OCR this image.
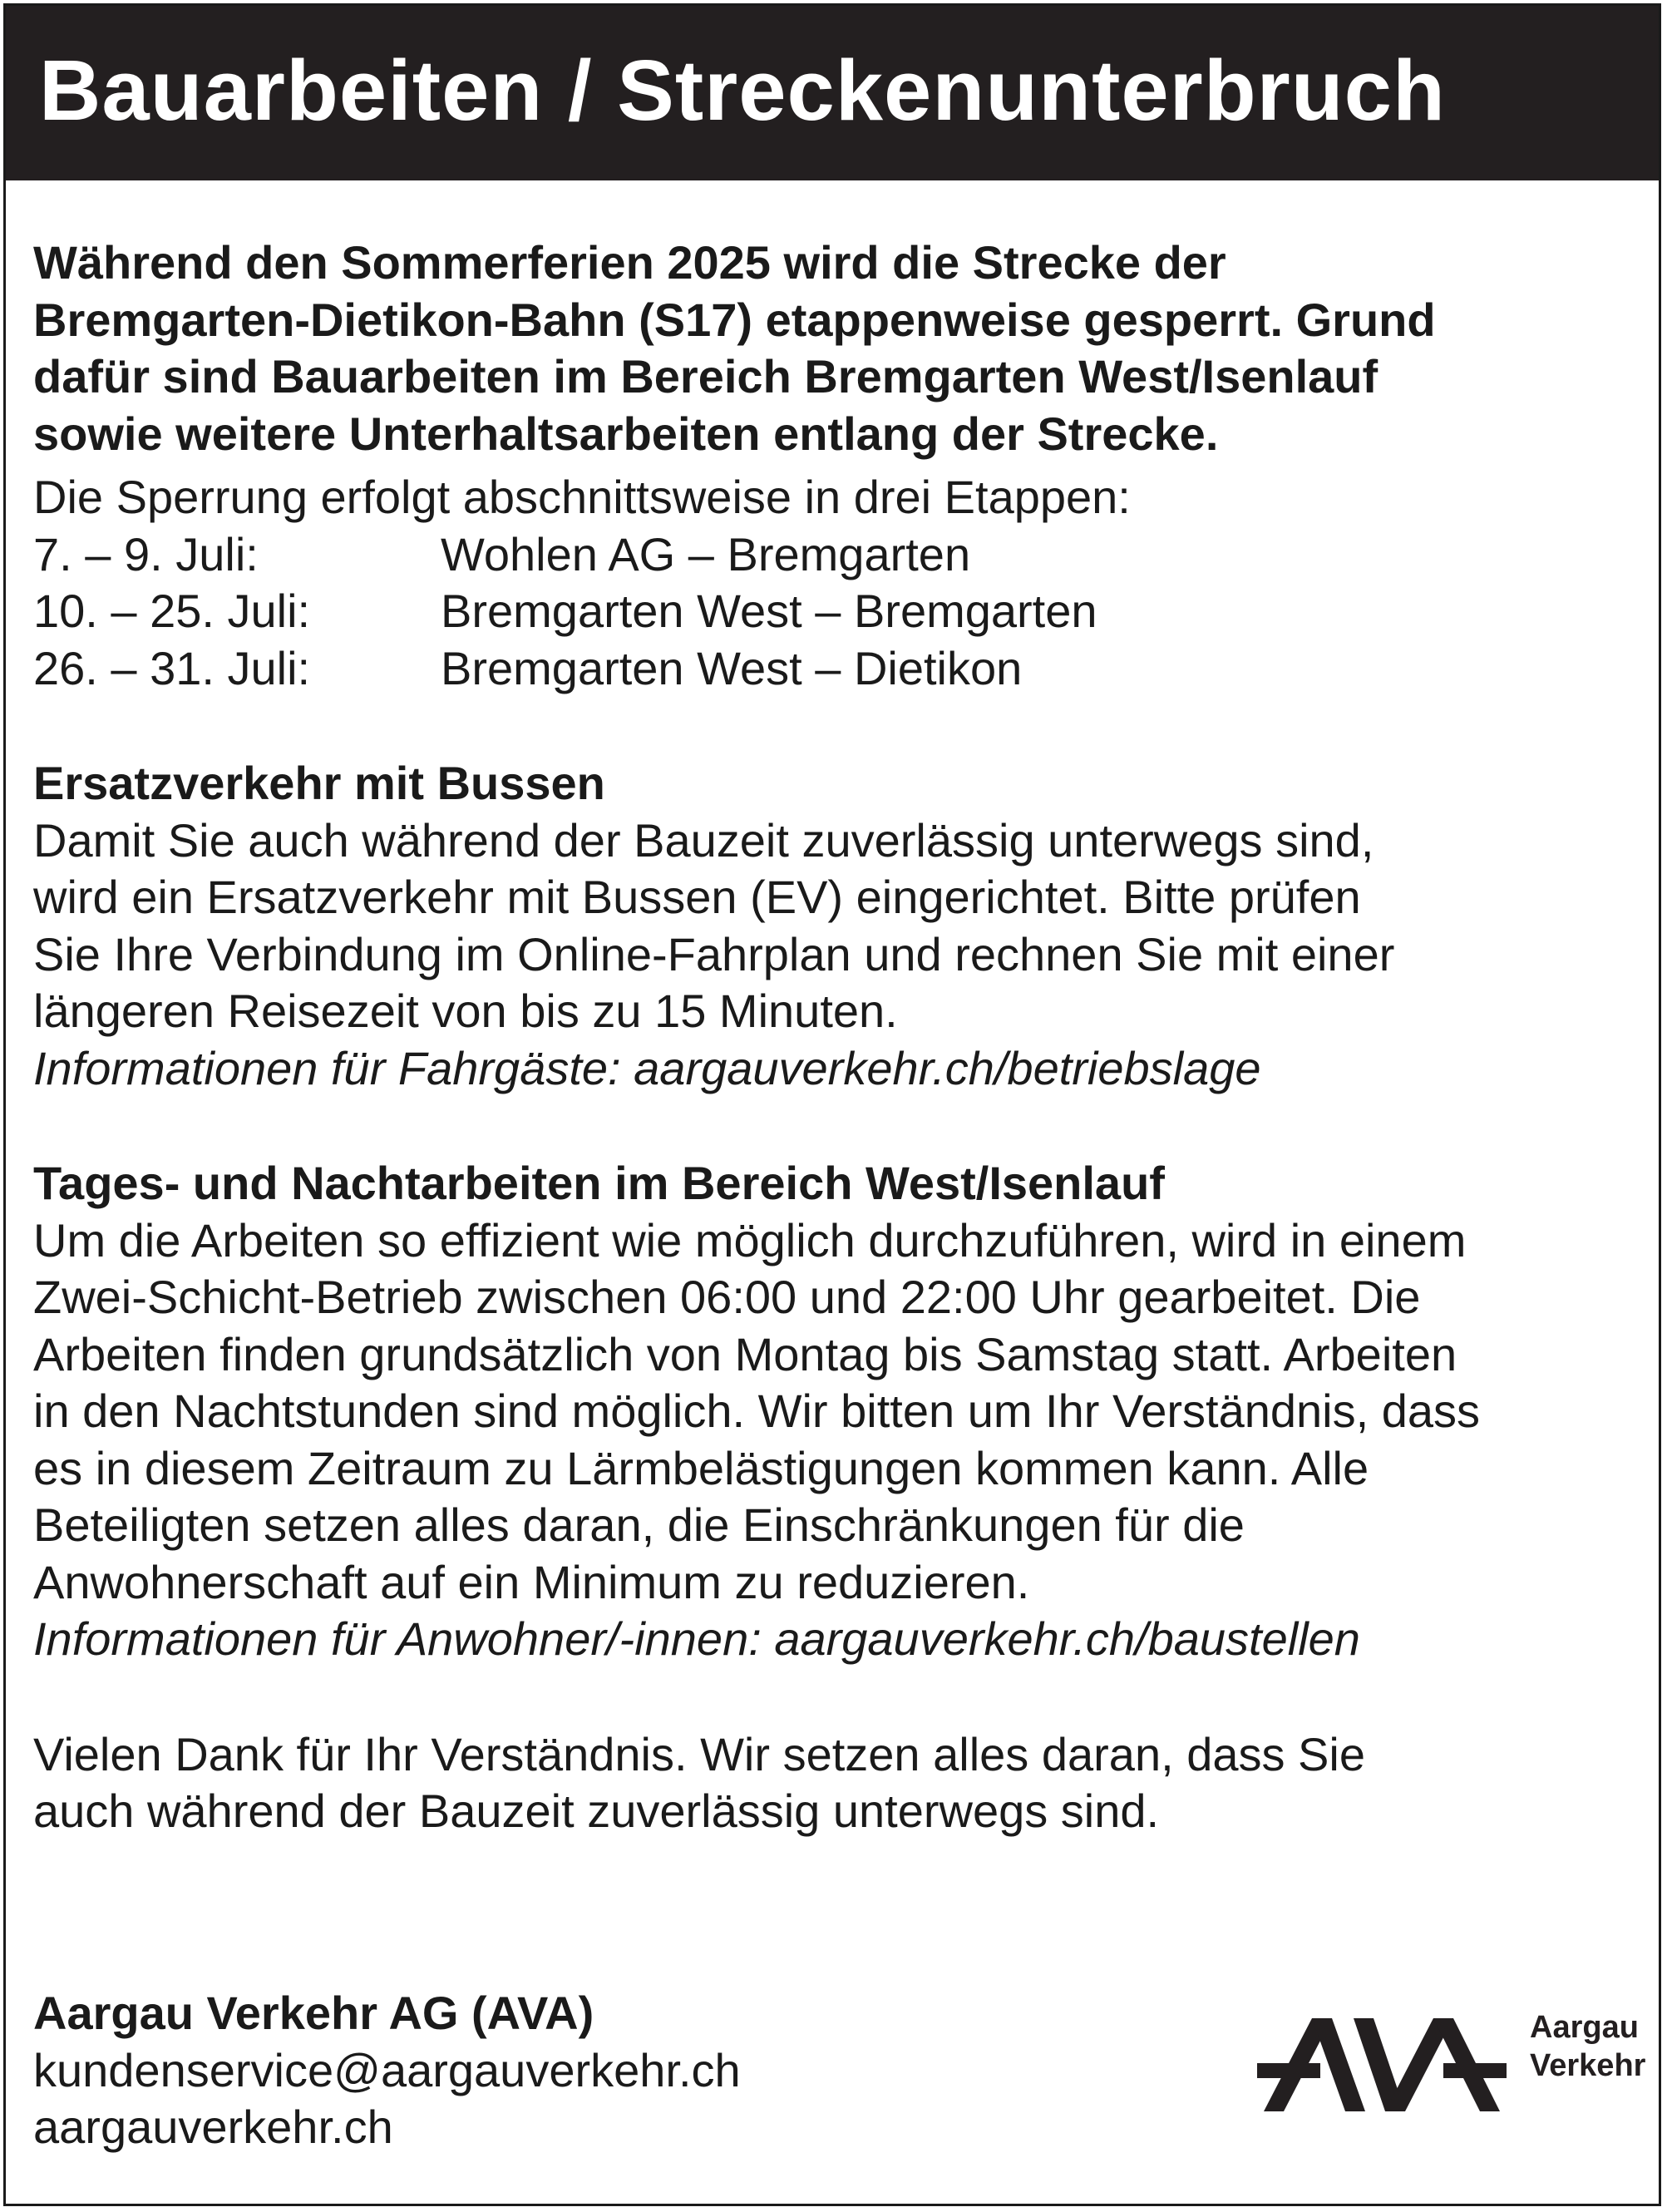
Bauarbeiten / Streckenunterbruch
Während den Sommerferien 2025 wird die Strecke der
Bremgarten-Dietikon-Bahn (S17) etappenweise gesperrt. Grund
dafür sind Bauarbeiten im Bereich Bremgarten West/Isenlauf
sowie weitere Unterhaltsarbeiten entlang der Strecke.
Die Sperrung erfolgt abschnittsweise in drei Etappen:
7. – 9. Juli:	Wohlen AG – Bremgarten
10. – 25. Juli:	Bremgarten West – Bremgarten
26. – 31. Juli:	Bremgarten West – Dietikon
Ersatzverkehr mit Bussen
Damit Sie auch während der Bauzeit zuverlässig unterwegs sind,
wird ein Ersatzverkehr mit Bussen (EV) eingerichtet. Bitte prüfen
Sie Ihre Verbindung im Online-Fahrplan und rechnen Sie mit einer
längeren Reisezeit von bis zu 15 Minuten.
Informationen für Fahrgäste: aargauverkehr.ch/betriebslage
Tages- und Nachtarbeiten im Bereich West/Isenlauf
Um die Arbeiten so effizient wie möglich durchzuführen, wird in einem
Zwei-Schicht-Betrieb zwischen 06:00 und 22:00 Uhr gearbeitet. Die
Arbeiten finden grundsätzlich von Montag bis Samstag statt. Arbeiten
in den Nachtstunden sind möglich. Wir bitten um Ihr Verständnis, dass
es in diesem Zeitraum zu Lärmbelästigungen kommen kann. Alle
Beteiligten setzen alles daran, die Einschränkungen für die
Anwohnerschaft auf ein Minimum zu reduzieren.
Informationen für Anwohner/-innen: aargauverkehr.ch/baustellen
Vielen Dank für Ihr Verständnis. Wir setzen alles daran, dass Sie
auch während der Bauzeit zuverlässig unterwegs sind.
Aargau Verkehr AG (AVA)
kundenservice@aargauverkehr.ch
aargauverkehr.ch
Aargau
Verkehr
